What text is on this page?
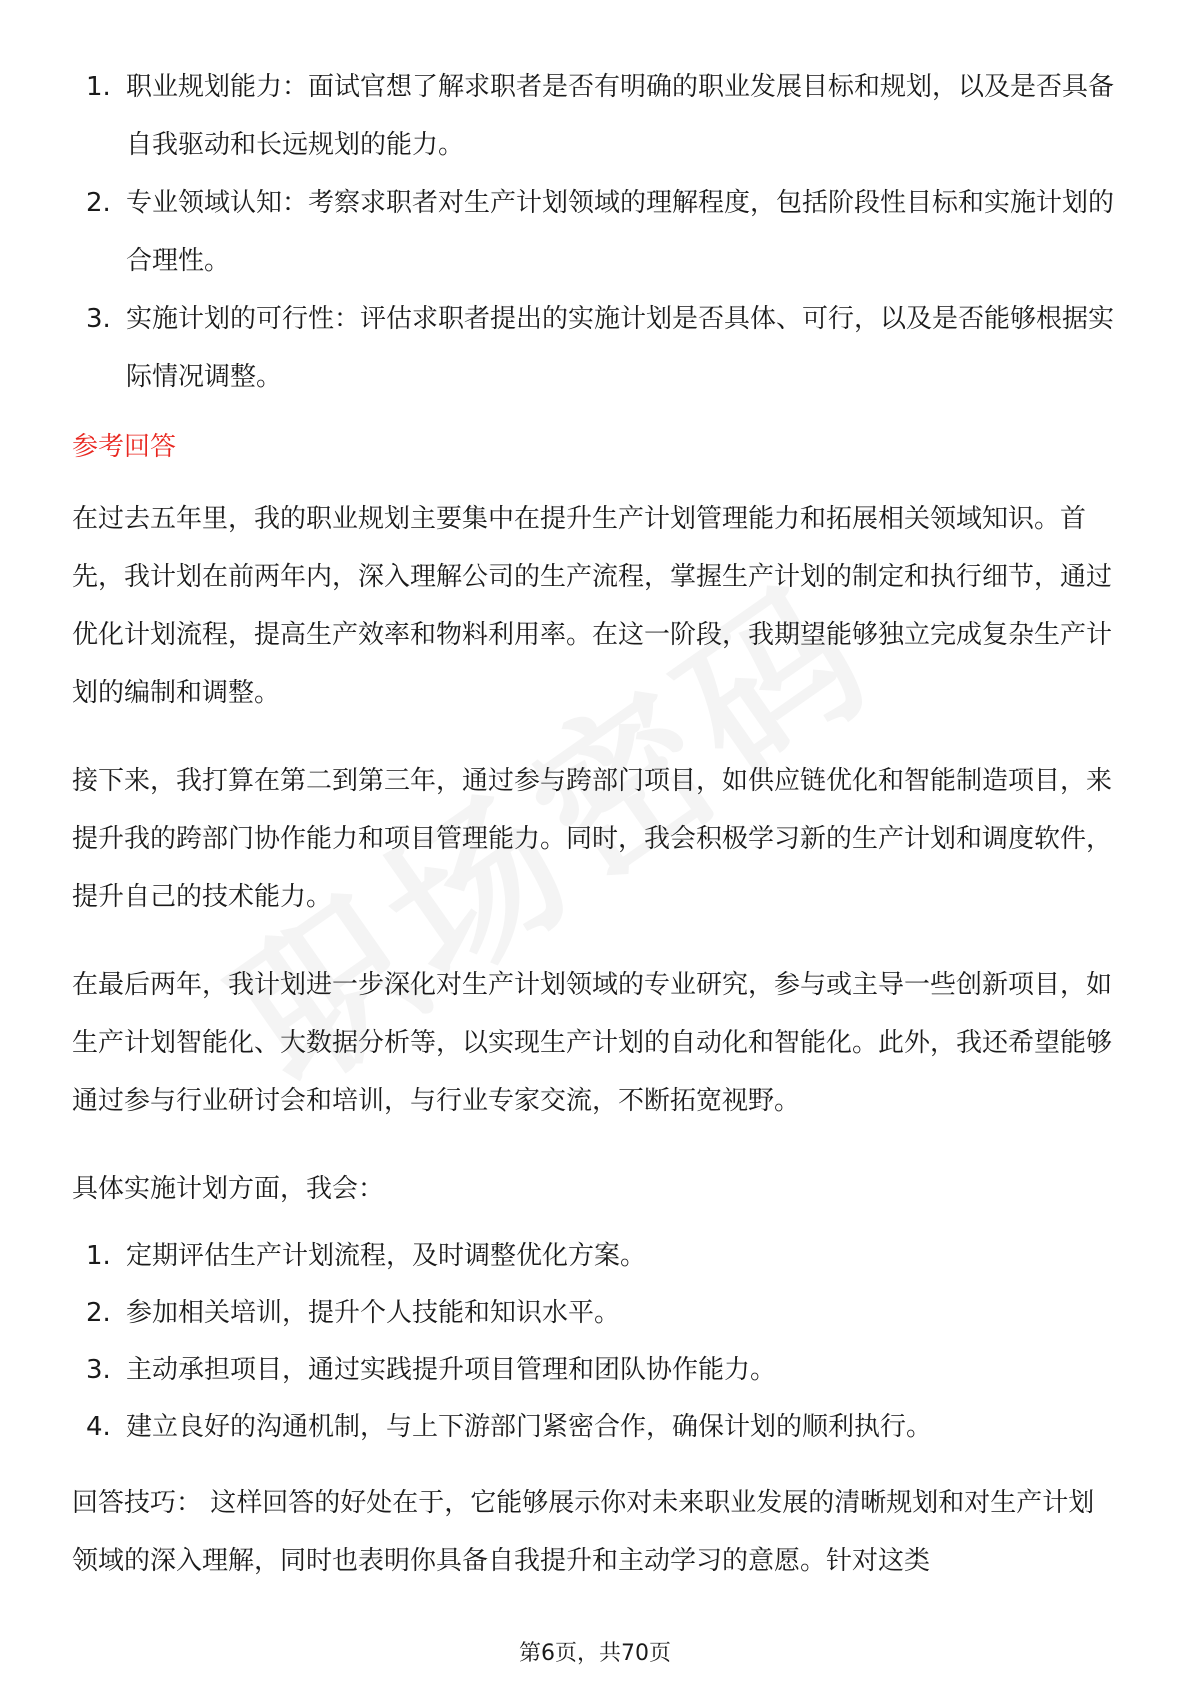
1. 职业规划能力：面试官想了解求职者是否有明确的职业发展目标和规划，以及是否具备自我驱动和长远规划的能力。
2. 专业领域认知：考察求职者对生产计划领域的理解程度，包括阶段性目标和实施计划的合理性。
3. 实施计划的可行性：评估求职者提出的实施计划是否具体、可行，以及是否能够根据实际情况调整。
参考回答

在过去五年里，我的职业规划主要集中在提升生产计划管理能力和拓展相关领域知识。首先，我计划在前两年内，深入理解公司的生产流程，掌握生产计划的制定和执行细节，通过优化计划流程，提高生产效率和物料利用率。在这一阶段，我期望能够独立完成复杂生产计划的编制和调整。

接下来，我打算在第二到第三年，通过参与跨部门项目，如供应链优化和智能制造项目，来提升我的跨部门协作能力和项目管理能力。同时，我会积极学习新的生产计划和调度软件，提升自己的技术能力。

在最后两年，我计划进一步深化对生产计划领域的专业研究，参与或主导一些创新项目，如生产计划智能化、大数据分析等，以实现生产计划的自动化和智能化。此外，我还希望能够通过参与行业研讨会和培训，与行业专家交流，不断拓宽视野。

具体实施计划方面，我会：

1. 定期评估生产计划流程，及时调整优化方案。
2. 参加相关培训，提升个人技能和知识水平。
3. 主动承担项目，通过实践提升项目管理和团队协作能力。
4. 建立良好的沟通机制，与上下游部门紧密合作，确保计划的顺利执行。

回答技巧： 这样回答的好处在于，它能够展示你对未来职业发展的清晰规划和对生产计划领域的深入理解，同时也表明你具备自我提升和主动学习的意愿。针对这类

第6页，共70页
